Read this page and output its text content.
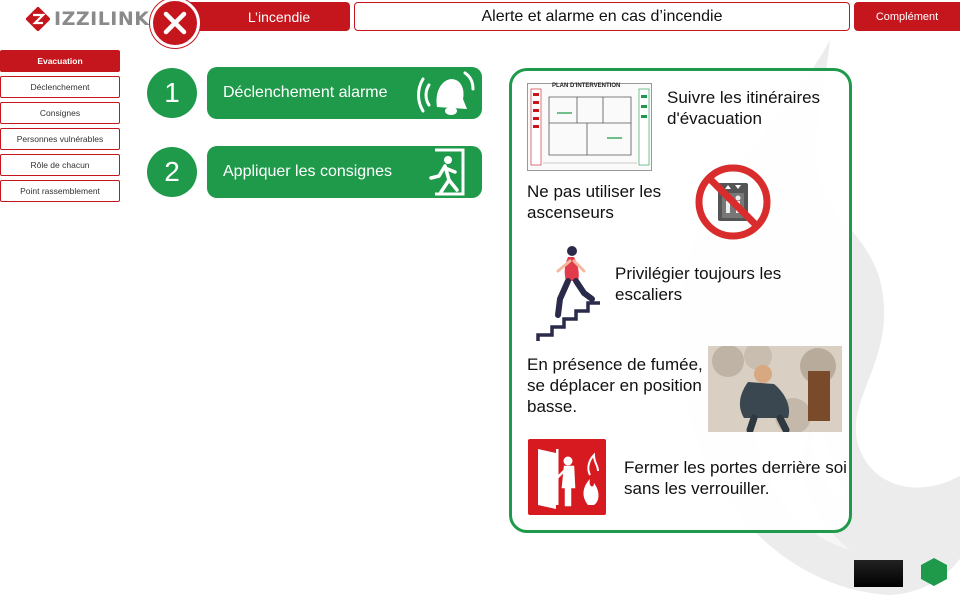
IZZILINK	L’incendie	Alerte et alarme en cas d’incendie	Complément
Evacuation
Déclenchement
Consignes
Personnes vulnérables
Rôle de chacun
Point rassemblement
1	Déclenchement alarme
2	Appliquer les consignes
PLAN D'INTERVENTION
Suivre les itinéraires d'évacuation
Ne pas utiliser les ascenseurs
Privilégier toujours les escaliers
En présence de fumée, se déplacer en position basse.
Fermer les portes derrière soi sans les verrouiller.
